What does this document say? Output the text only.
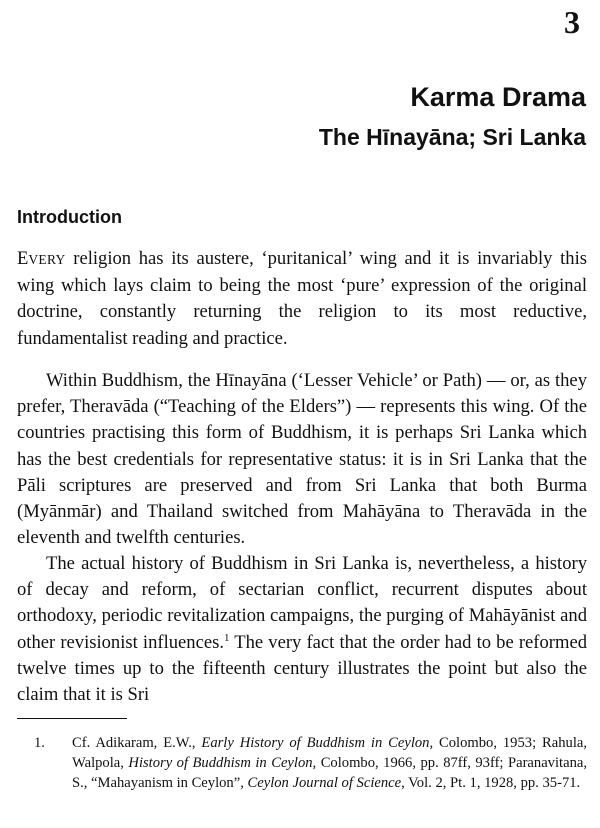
3
Karma Drama
The Hīnayāna; Sri Lanka
Introduction

EVERY religion has its austere, ‘puritanical’ wing and it is invariably this wing which lays claim to being the most ‘pure’ expression of the original doctrine, constantly returning the religion to its most reductive, fundamentalist reading and practice.

Within Buddhism, the Hīnayāna (‘Lesser Vehicle’ or Path) — or, as they prefer, Theravāda (“Teaching of the Elders”) — represents this wing. Of the countries practising this form of Buddhism, it is perhaps Sri Lanka which has the best credentials for representative status: it is in Sri Lanka that the Pāli scriptures are preserved and from Sri Lanka that both Burma (Myānmār) and Thailand switched from Mahāyāna to Theravāda in the eleventh and twelfth centuries.

The actual history of Buddhism in Sri Lanka is, nevertheless, a history of decay and reform, of sectarian conflict, recurrent disputes about orthodoxy, periodic revitalization campaigns, the purging of Mahāyānist and other revisionist influences.$^1$ The very fact that the order had to be reformed twelve times up to the fifteenth century illustrates the point but also the claim that it is Sri

1. Cf. Adikaram, E.W., Early History of Buddhism in Ceylon, Colombo, 1953; Rahula, Walpola, History of Buddhism in Ceylon, Colombo, 1966, pp. 87ff, 93ff; Paranavitana, S., “Mahayanism in Ceylon”, Ceylon Journal of Science, Vol. 2, Pt. 1, 1928, pp. 35-71.
